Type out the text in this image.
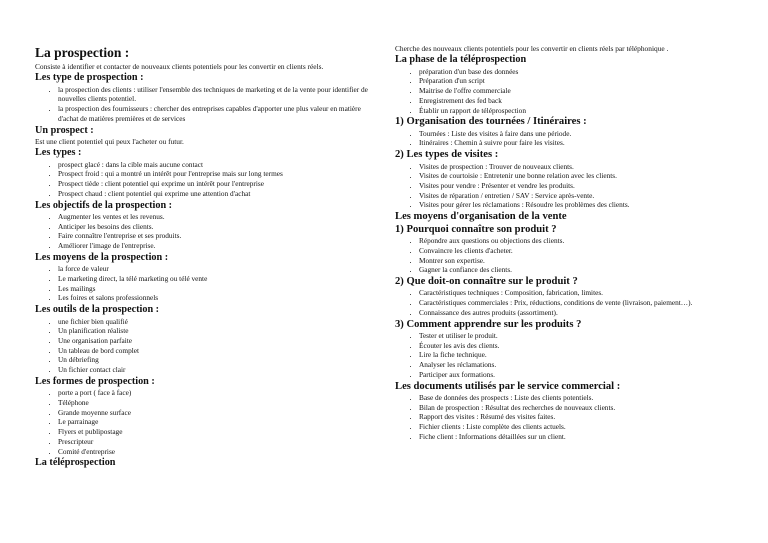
La prospection :

Consiste à identifier et contacter de nouveaux clients potentiels pour les convertir en clients réels.

Les type de prospection :
• la prospection des clients : utiliser l'ensemble des techniques de marketing et de la vente pour identifier de nouvelles clients potentiel.
• la prospection des fournisseurs : chercher des entreprises capables d'apporter une plus valeur en matière d'achat de matières premières et de services
Un prospect :

Est une client potentiel qui peux l'acheter ou futur.

Les types :
• prospect glacé : dans la cible mais aucune contact
• Prospect froid : qui a montré un intérêt pour l'entreprise mais sur long termes
• Prospect tiède : client potentiel qui exprime un intérêt pour l'entreprise
• Prospect chaud : client potentiel qui exprime une attention d'achat
Les objectifs de la prospection :
• Augmenter les ventes et les revenus.
• Anticiper les besoins des clients.
• Faire connaître l'entreprise et ses produits.
• Améliorer l'image de l'entreprise.
Les moyens de la prospection :
• la force de valeur
• Le marketing direct, la télé marketing ou télé vente
• Les mailings
• Les foires et salons professionnels
Les outils de la prospection :
• une fichier bien qualifié
• Un planification réaliste
• Une organisation parfaite
• Un tableau de bord complet
• Un débriefing
• Un fichier contact clair
Les formes de prospection :
• porte a port ( face à face)
• Téléphone
• Grande moyenne surface
• Le parrainage
• Flyers et publipostage
• Prescripteur
• Comité d'entreprise
La téléprospection

Cherche des nouveaux clients potentiels pour les convertir en clients réels par téléphonique .

La phase de la téléprospection
• préparation d'un base des données
• Préparation d'un script
• Maitrise de l'offre commerciale
• Enregistrement des fed back
• Établir un rapport de téléprospection
1) Organisation des tournées / Itinéraires :
• Tournées : Liste des visites à faire dans une période.
• Itinéraires : Chemin à suivre pour faire les visites.
2) Les types de visites :
• Visites de prospection : Trouver de nouveaux clients.
• Visites de courtoisie : Entretenir une bonne relation avec les clients.
• Visites pour vendre : Présenter et vendre les produits.
• Visites de réparation / entretien / SAV : Service après-vente.
• Visites pour gérer les réclamations : Résoudre les problèmes des clients.
Les moyens d'organisation de la vente
1) Pourquoi connaître son produit ?
• Répondre aux questions ou objections des clients.
• Convaincre les clients d'acheter.
• Montrer son expertise.
• Gagner la confiance des clients.
2) Que doit-on connaître sur le produit ?
• Caractéristiques techniques : Composition, fabrication, limites.
• Caractéristiques commerciales : Prix, réductions, conditions de vente (livraison, paiement…).
• Connaissance des autres produits (assortiment).
3) Comment apprendre sur les produits ?
• Tester et utiliser le produit.
• Écouter les avis des clients.
• Lire la fiche technique.
• Analyser les réclamations.
• Participer aux formations.
Les documents utilisés par le service commercial :
• Base de données des prospects : Liste des clients potentiels.
• Bilan de prospection : Résultat des recherches de nouveaux clients.
• Rapport des visites : Résumé des visites faites.
• Fichier clients : Liste complète des clients actuels.
• Fiche client : Informations détaillées sur un client.
